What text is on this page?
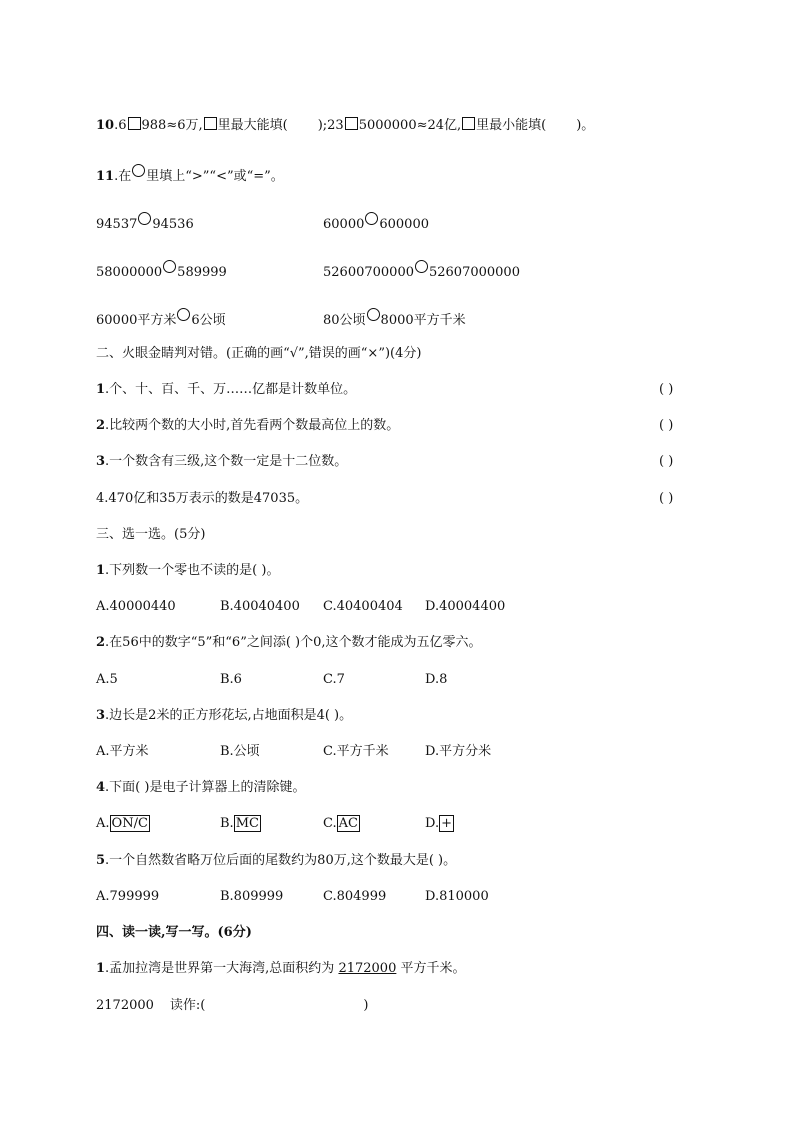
10.6 988≈6万, 里最大能填( );23 5000000≈24亿, 里最小能填( )。
11.在 里填上“>”“<”或“=”。
94537 94536	60000 600000
58000000 589999	52600700000 52607000000
60000平方米 6公顷	80公顷 8000平方千米
二、火眼金睛判对错。(正确的画“√”,错误的画“×”)(4分)
1.个、十、百、千、万……亿都是计数单位。	( )
2.比较两个数的大小时,首先看两个数最高位上的数。	( )
3.一个数含有三级,这个数一定是十二位数。	( )
4.470亿和35万表示的数是47035。	( )
三、选一选。(5分)
1.下列数一个零也不读的是( )。
A.40000440	B.40040400 C.40400404 D.40004400
2.在56中的数字“5”和“6”之间添( )个0,这个数才能成为五亿零六。
A.5	B.6	C.7	D.8
3.边长是2米的正方形花坛,占地面积是4( )。
A.平方米	B.公顷	C.平方千米	D.平方分米
4.下面( )是电子计算器上的清除键。
A. ON/C	B. MC	C. AC	D. +
5.一个自然数省略万位后面的尾数约为80万,这个数最大是( )。
A.799999	B.809999	C.804999	D.810000
四、读一读,写一写。(6分)
1.孟加拉湾是世界第一大海湾,总面积约为 2172000 平方千米。
2172000 读作:(	)
